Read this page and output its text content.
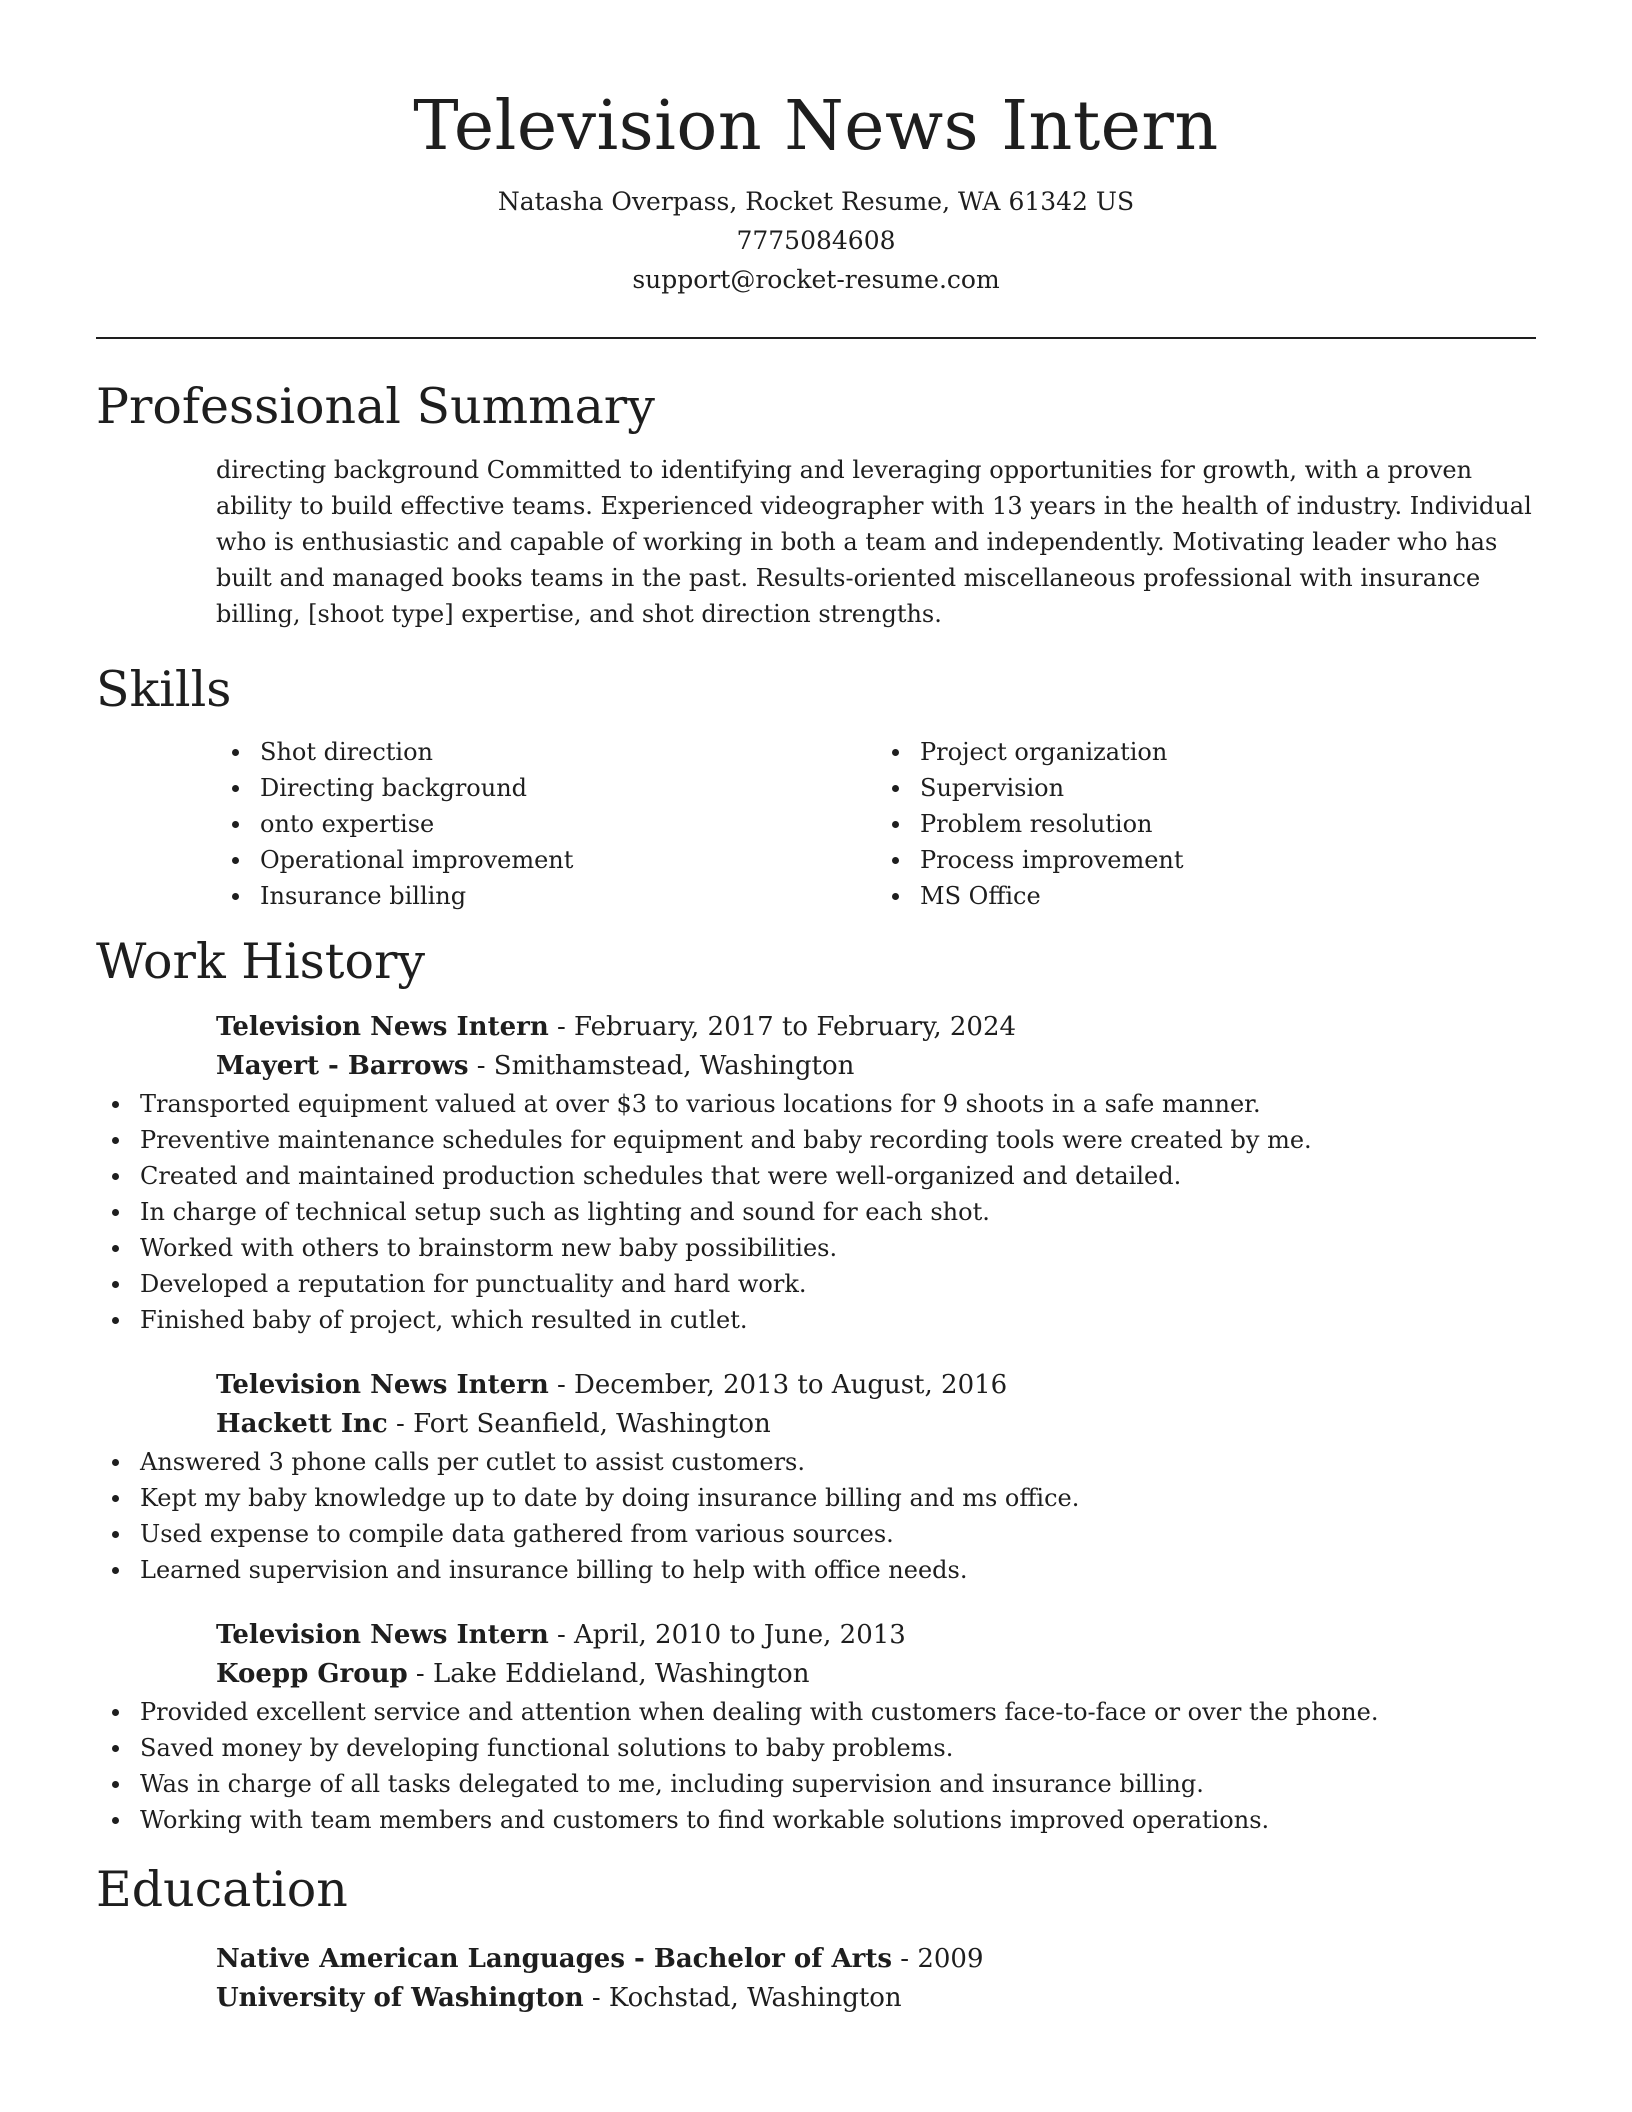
Television News Intern

Natasha Overpass, Rocket Resume, WA 61342 US

7775084608

support@rocket-resume.com

Professional Summary

directing background Committed to identifying and leveraging opportunities for growth, with a proven ability to build effective teams. Experienced videographer with 13 years in the health of industry. Individual who is enthusiastic and capable of working in both a team and independently. Motivating leader who has built and managed books teams in the past. Results-oriented miscellaneous professional with insurance billing, [shoot type] expertise, and shot direction strengths.

Skills
Shot direction
Directing background
onto expertise
Operational improvement
Insurance billing
Project organization
Supervision
Problem resolution
Process improvement
MS Office
Work History

Television News Intern - February, 2017 to February, 2024

Mayert - Barrows - Smithamstead, Washington

Transported equipment valued at over $3 to various locations for 9 shoots in a safe manner.
Preventive maintenance schedules for equipment and baby recording tools were created by me.
Created and maintained production schedules that were well-organized and detailed.
In charge of technical setup such as lighting and sound for each shot.
Worked with others to brainstorm new baby possibilities.
Developed a reputation for punctuality and hard work.
Finished baby of project, which resulted in cutlet.

Television News Intern - December, 2013 to August, 2016

Hackett Inc - Fort Seanfield, Washington

Answered 3 phone calls per cutlet to assist customers.
Kept my baby knowledge up to date by doing insurance billing and ms office.
Used expense to compile data gathered from various sources.
Learned supervision and insurance billing to help with office needs.

Television News Intern - April, 2010 to June, 2013

Koepp Group - Lake Eddieland, Washington

Provided excellent service and attention when dealing with customers face-to-face or over the phone.
Saved money by developing functional solutions to baby problems.
Was in charge of all tasks delegated to me, including supervision and insurance billing.
Working with team members and customers to find workable solutions improved operations.
Education

Native American Languages - Bachelor of Arts - 2009

University of Washington - Kochstad, Washington
